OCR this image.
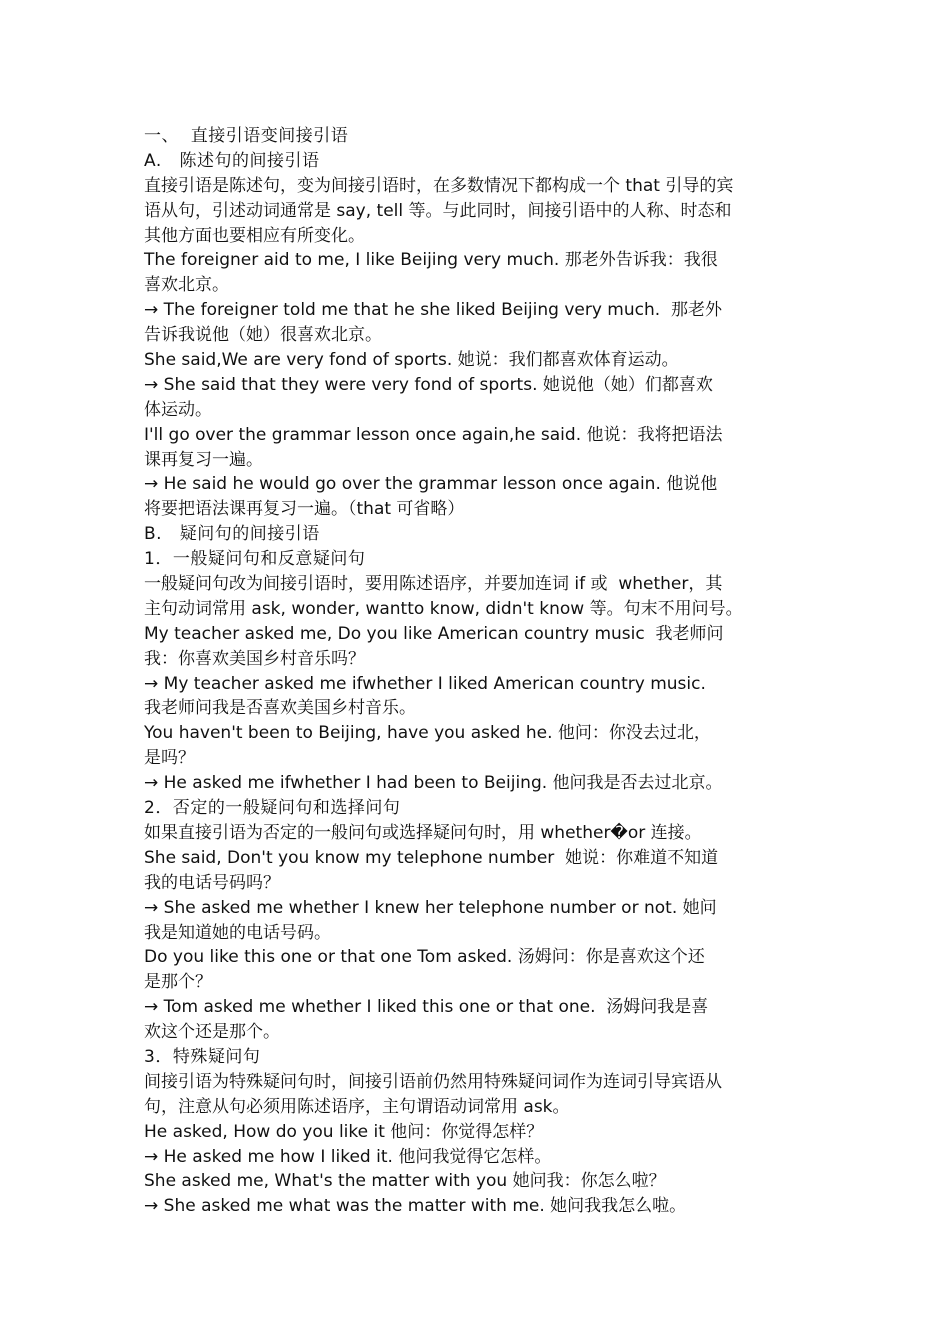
一、  直接引语变间接引语
A.   陈述句的间接引语
直接引语是陈述句，变为间接引语时，在多数情况下都构成一个 that 引导的宾
语从句，引述动词通常是 say, tell 等。与此同时，间接引语中的人称、时态和
其他方面也要相应有所变化。
The foreigner aid to me, I like Beijing very much. 那老外告诉我：我很
喜欢北京。
→ The foreigner told me that he she liked Beijing very much.  那老外
告诉我说他（她）很喜欢北京。
She said,We are very fond of sports. 她说：我们都喜欢体育运动。
→ She said that they were very fond of sports. 她说他（她）们都喜欢
体运动。
I'll go over the grammar lesson once again,he said. 他说：我将把语法
课再复习一遍。
→ He said he would go over the grammar lesson once again. 他说他
将要把语法课再复习一遍。（that 可省略）
B.   疑问句的间接引语
1．一般疑问句和反意疑问句
一般疑问句改为间接引语时，要用陈述语序，并要加连词 if 或  whether，其
主句动词常用 ask, wonder, wantto know, didn't know 等。句末不用问号。
My teacher asked me, Do you like American country music  我老师问
我：你喜欢美国乡村音乐吗？
→ My teacher asked me ifwhether I liked American country music.
我老师问我是否喜欢美国乡村音乐。
You haven't been to Beijing, have you asked he. 他问：你没去过北，
是吗？
→ He asked me ifwhether I had been to Beijing. 他问我是否去过北京。
2．否定的一般疑问句和选择问句
如果直接引语为否定的一般问句或选择疑问句时，用 whether�or 连接。
She said, Don't you know my telephone number  她说：你难道不知道
我的电话号码吗？
→ She asked me whether I knew her telephone number or not. 她问
我是知道她的电话号码。
Do you like this one or that one Tom asked. 汤姆问：你是喜欢这个还
是那个？
→ Tom asked me whether I liked this one or that one.  汤姆问我是喜
欢这个还是那个。
3．特殊疑问句
间接引语为特殊疑问句时，间接引语前仍然用特殊疑问词作为连词引导宾语从
句，注意从句必须用陈述语序，主句谓语动词常用 ask。
He asked, How do you like it 他问：你觉得怎样？
→ He asked me how I liked it. 他问我觉得它怎样。
She asked me, What's the matter with you 她问我：你怎么啦？
→ She asked me what was the matter with me. 她问我我怎么啦。
